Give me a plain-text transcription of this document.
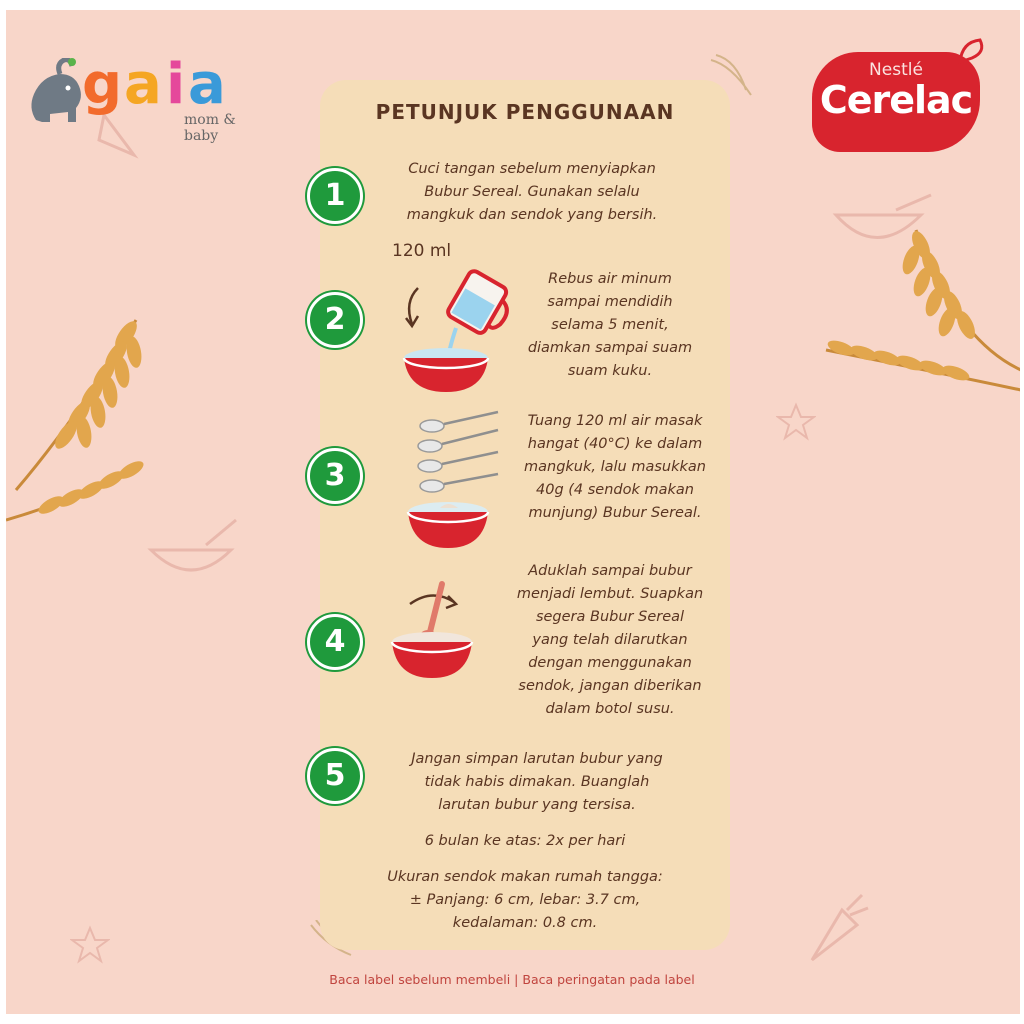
g a i a
mom & baby
Nestlé
Cerelac
PETUNJUK PENGGUNAAN
1
Cuci tangan sebelum menyiapkan
Bubur Sereal. Gunakan selalu
mangkuk dan sendok yang bersih.
2
120 ml
Rebus air minum
sampai mendidih
selama 5 menit,
diamkan sampai suam
suam kuku.
3
Tuang 120 ml air masak
hangat (40°C) ke dalam
mangkuk, lalu masukkan
40g (4 sendok makan
munjung) Bubur Sereal.
4
Aduklah sampai bubur
menjadi lembut. Suapkan
segera Bubur Sereal
yang telah dilarutkan
dengan menggunakan
sendok, jangan diberikan
dalam botol susu.
5	Jangan simpan larutan bubur yang
tidak habis dimakan. Buanglah
larutan bubur yang tersisa.
6 bulan ke atas: 2x per hari
Ukuran sendok makan rumah tangga:
± Panjang: 6 cm, lebar: 3.7 cm,
kedalaman: 0.8 cm.
Baca label sebelum membeli | Baca peringatan pada label
